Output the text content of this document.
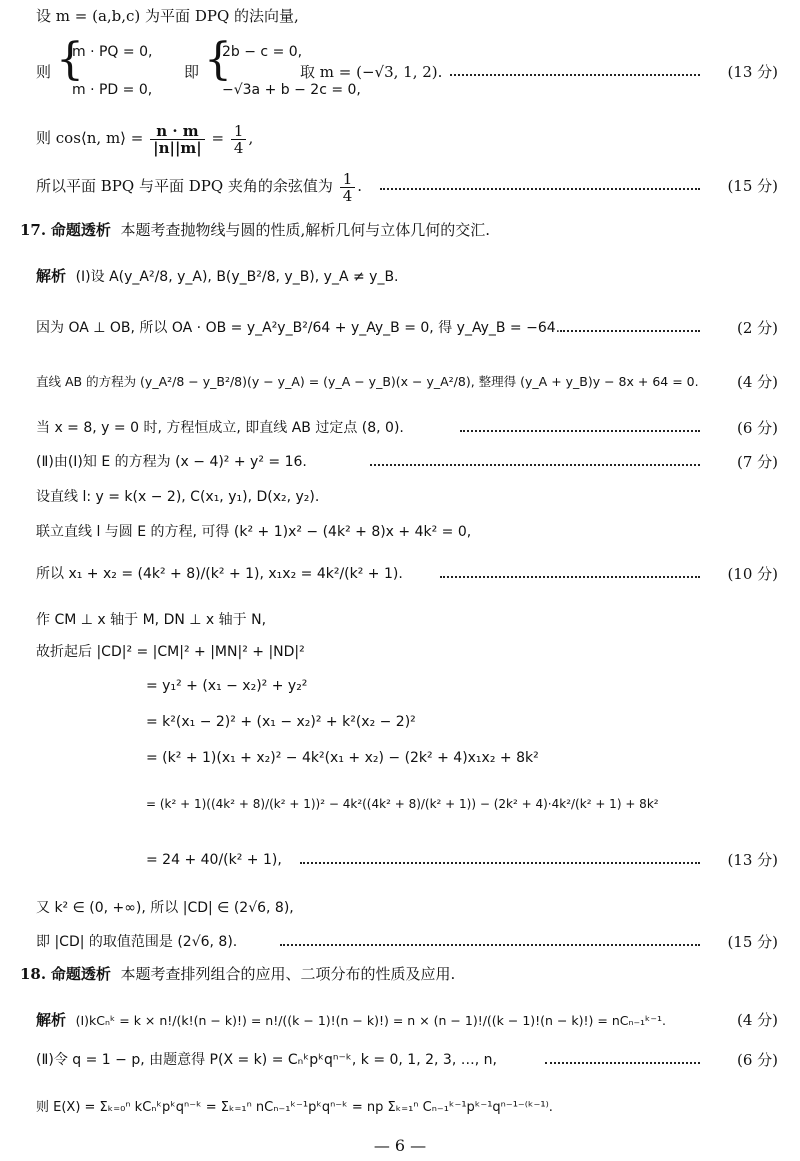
设 m = (a,b,c) 为平面 DPQ 的法向量,
则 {
m · PQ = 0,
m · PD = 0,
即 {
2b − c = 0,
−√3a + b − 2c = 0,
取 m = (−√3, 1, 2).	(13 分)
则 cos⟨n, m⟩ = $\frac{n \cdot m}{|n||m|} = \frac{1}{4}$ ,
所以平面 BPQ 与平面 DPQ 夹角的余弦值为 $\frac{1}{4}$ .	(15 分)
17. 命题透析 本题考查抛物线与圆的性质,解析几何与立体几何的交汇.
解析 (Ⅰ)设 A(y_A²/8, y_A), B(y_B²/8, y_B), y_A ≠ y_B.
因为 OA ⊥ OB, 所以 OA · OB = y_A²y_B²/64 + y_Ay_B = 0, 得 y_Ay_B = −64.	(2 分)
直线 AB 的方程为 (y_A²/8 − y_B²/8)(y − y_A) = (y_A − y_B)(x − y_A²/8), 整理得 (y_A + y_B)y − 8x + 64 = 0.	(4 分)
当 x = 8, y = 0 时, 方程恒成立, 即直线 AB 过定点 (8, 0).	(6 分)
(Ⅱ)由(Ⅰ)知 E 的方程为 (x − 4)² + y² = 16.	(7 分)
设直线 l: y = k(x − 2), C(x₁, y₁), D(x₂, y₂).
联立直线 l 与圆 E 的方程, 可得 (k² + 1)x² − (4k² + 8)x + 4k² = 0,
所以 x₁ + x₂ = (4k² + 8)/(k² + 1), x₁x₂ = 4k²/(k² + 1).	(10 分)
作 CM ⊥ x 轴于 M, DN ⊥ x 轴于 N,
故折起后 |CD|² = |CM|² + |MN|² + |ND|²
= y₁² + (x₁ − x₂)² + y₂²
= k²(x₁ − 2)² + (x₁ − x₂)² + k²(x₂ − 2)²
= (k² + 1)(x₁ + x₂)² − 4k²(x₁ + x₂) − (2k² + 4)x₁x₂ + 8k²
= (k² + 1)((4k² + 8)/(k² + 1))² − 4k²((4k² + 8)/(k² + 1)) − (2k² + 4)·4k²/(k² + 1) + 8k²
= 24 + 40/(k² + 1),	(13 分)
又 k² ∈ (0, +∞), 所以 |CD| ∈ (2√6, 8),
即 |CD| 的取值范围是 (2√6, 8).	(15 分)
18. 命题透析 本题考查排列组合的应用、二项分布的性质及应用.
解析 (Ⅰ)kCₙᵏ = k × n!/(k!(n − k)!) = n!/((k − 1)!(n − k)!) = n × (n − 1)!/((k − 1)!(n − k)!) = nCₙ₋₁ᵏ⁻¹.	(4 分)
(Ⅱ)令 q = 1 − p, 由题意得 P(X = k) = Cₙᵏpᵏqⁿ⁻ᵏ, k = 0, 1, 2, 3, …, n,	(6 分)
则 E(X) = Σₖ₌₀ⁿ kCₙᵏpᵏqⁿ⁻ᵏ = Σₖ₌₁ⁿ nCₙ₋₁ᵏ⁻¹pᵏqⁿ⁻ᵏ = np Σₖ₌₁ⁿ Cₙ₋₁ᵏ⁻¹pᵏ⁻¹qⁿ⁻¹⁻⁽ᵏ⁻¹⁾.
— 6 —
